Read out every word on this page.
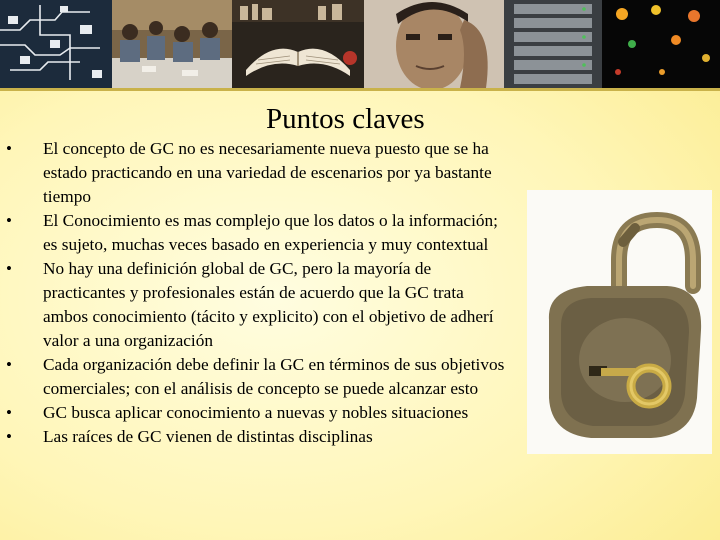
Puntos claves
• El concepto de GC no es necesariamente nueva puesto que se ha estado practicando en una variedad de escenarios por ya bastante tiempo
• El Conocimiento es mas complejo que los datos o la información; es sujeto, muchas veces basado en experiencia y muy contextual
• No hay una definición global de GC, pero la mayoría de practicantes y profesionales están de acuerdo que la GC trata ambos conocimiento (tácito y explicito) con el objetivo de adherí valor a una organización
• Cada organización debe definir la GC en términos de sus objetivos comerciales; con el análisis de concepto se puede alcanzar esto
• GC busca aplicar conocimiento a nuevas y nobles situaciones
• Las raíces de GC vienen de distintas disciplinas
